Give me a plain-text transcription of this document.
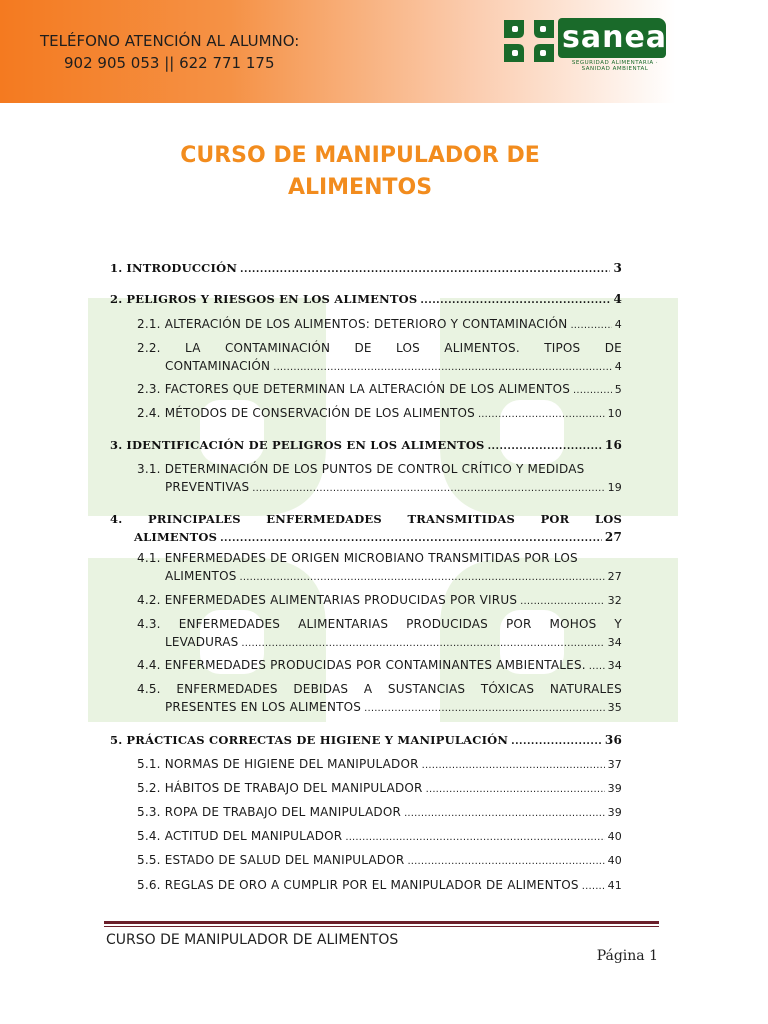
TELÉFONO ATENCIÓN AL ALUMNO:
902 905 053 || 622 771 175
sanea
SEGURIDAD ALIMENTARIA · SANIDAD AMBIENTAL
CURSO DE MANIPULADOR DE
ALIMENTOS
1. INTRODUCCIÓN . . .	3
2. PELIGROS Y RIESGOS EN LOS ALIMENTOS . . .	4
2.1. ALTERACIÓN DE LOS ALIMENTOS: DETERIORO Y CONTAMINACIÓN . . .	4
2.2. LA CONTAMINACIÓN DE LOS ALIMENTOS. TIPOS DE
CONTAMINACIÓN . . .	4
2.3. FACTORES QUE DETERMINAN LA ALTERACIÓN DE LOS ALIMENTOS . . .	5
2.4. MÉTODOS DE CONSERVACIÓN DE LOS ALIMENTOS . . .	10
3. IDENTIFICACIÓN DE PELIGROS EN LOS ALIMENTOS . . .	16
3.1. DETERMINACIÓN DE LOS PUNTOS DE CONTROL CRÍTICO Y MEDIDAS
PREVENTIVAS . . .	19
4. PRINCIPALES ENFERMEDADES TRANSMITIDAS POR LOS
ALIMENTOS . . .	27
4.1. ENFERMEDADES DE ORIGEN MICROBIANO TRANSMITIDAS POR LOS
ALIMENTOS . . .	27
4.2. ENFERMEDADES ALIMENTARIAS PRODUCIDAS POR VIRUS . . .	32
4.3. ENFERMEDADES ALIMENTARIAS PRODUCIDAS POR MOHOS Y
LEVADURAS . . .	34
4.4. ENFERMEDADES PRODUCIDAS POR CONTAMINANTES AMBIENTALES. . . . 34
4.5. ENFERMEDADES DEBIDAS A SUSTANCIAS TÓXICAS NATURALES
PRESENTES EN LOS ALIMENTOS . . .	35
5. PRÁCTICAS CORRECTAS DE HIGIENE Y MANIPULACIÓN . . .	36
5.1. NORMAS DE HIGIENE DEL MANIPULADOR . . .	37
5.2. HÁBITOS DE TRABAJO DEL MANIPULADOR . . .	39
5.3. ROPA DE TRABAJO DEL MANIPULADOR . . .	39
5.4. ACTITUD DEL MANIPULADOR . . .	40
5.5. ESTADO DE SALUD DEL MANIPULADOR . . .	40
5.6. REGLAS DE ORO A CUMPLIR POR EL MANIPULADOR DE ALIMENTOS . . .	41
CURSO DE MANIPULADOR DE ALIMENTOS
Página 1
